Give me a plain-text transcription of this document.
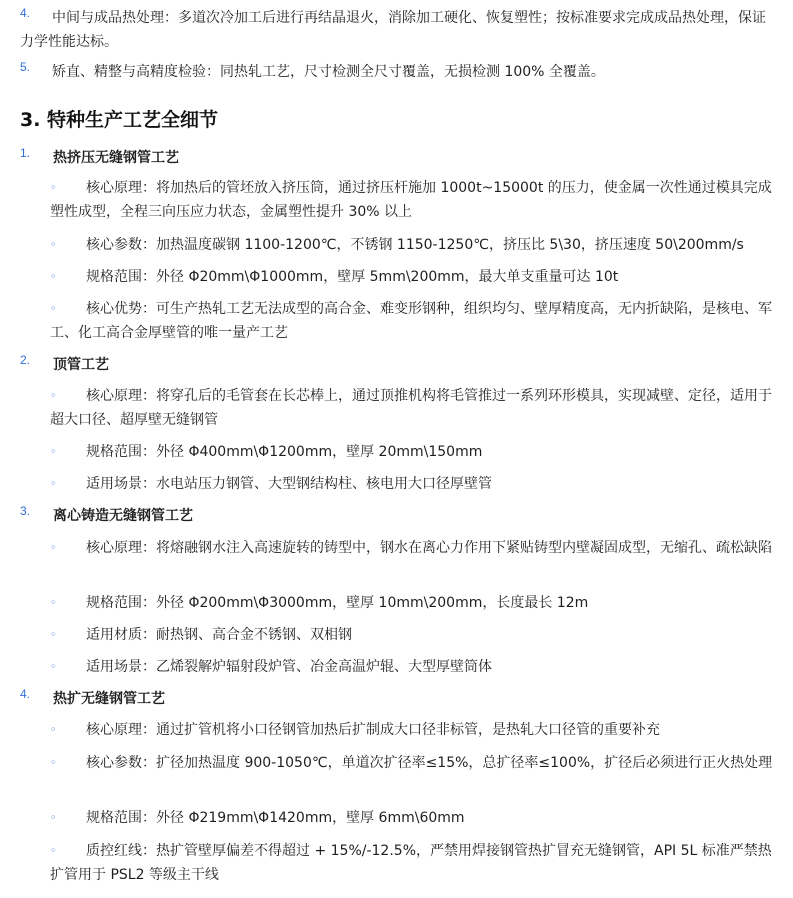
4.	中间与成品热处理：多道次冷加工后进行再结晶退火，消除加工硬化、恢复塑性；按标准要求完成成品热处理，保证力学性能达标。

5.	矫直、精整与高精度检验：同热轧工艺，尺寸检测全尺寸覆盖，无损检测 100% 全覆盖。

3. 特种生产工艺全细节
1. 热挤压无缝钢管工艺
◦	核心原理：将加热后的管坯放入挤压筒，通过挤压杆施加 1000t~15000t 的压力，使金属一次性通过模具完成塑性成型，全程三向压应力状态，金属塑性提升 30% 以上

◦	核心参数：加热温度碳钢 1100-1200℃，不锈钢 1150-1250℃，挤压比 5\30，挤压速度 50\200mm/s

◦	规格范围：外径 Φ20mm\Φ1000mm，壁厚 5mm\200mm，最大单支重量可达 10t

◦	核心优势：可生产热轧工艺无法成型的高合金、难变形钢种，组织均匀、壁厚精度高，无内折缺陷，是核电、军工、化工高合金厚壁管的唯一量产工艺

2. 顶管工艺
◦	核心原理：将穿孔后的毛管套在长芯棒上，通过顶推机构将毛管推过一系列环形模具，实现减壁、定径，适用于超大口径、超厚壁无缝钢管

◦	规格范围：外径 Φ400mm\Φ1200mm，壁厚 20mm\150mm

◦	适用场景：水电站压力钢管、大型钢结构柱、核电用大口径厚壁管

3. 离心铸造无缝钢管工艺
◦	核心原理：将熔融钢水注入高速旋转的铸型中，钢水在离心力作用下紧贴铸型内壁凝固成型，无缩孔、疏松缺陷

◦	规格范围：外径 Φ200mm\Φ3000mm，壁厚 10mm\200mm，长度最长 12m

◦	适用材质：耐热钢、高合金不锈钢、双相钢

◦	适用场景：乙烯裂解炉辐射段炉管、冶金高温炉辊、大型厚壁筒体

4. 热扩无缝钢管工艺
◦	核心原理：通过扩管机将小口径钢管加热后扩制成大口径非标管，是热轧大口径管的重要补充

◦	核心参数：扩径加热温度 900-1050℃，单道次扩径率≤15%，总扩径率≤100%，扩径后必须进行正火热处理

◦	规格范围：外径 Φ219mm\Φ1420mm，壁厚 6mm\60mm

◦	质控红线：热扩管壁厚偏差不得超过 + 15%/-12.5%，严禁用焊接钢管热扩冒充无缝钢管，API 5L 标准严禁热扩管用于 PSL2 等级主干线
